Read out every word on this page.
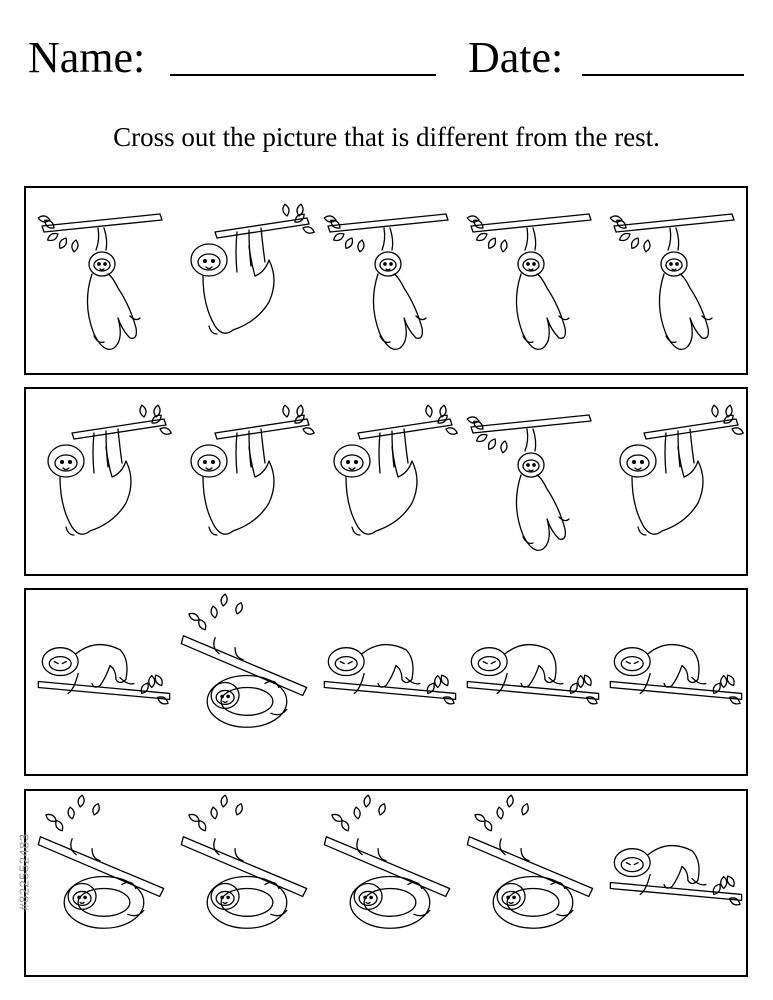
Name:	Date:
Cross out the picture that is different from the rest.
#822552483
